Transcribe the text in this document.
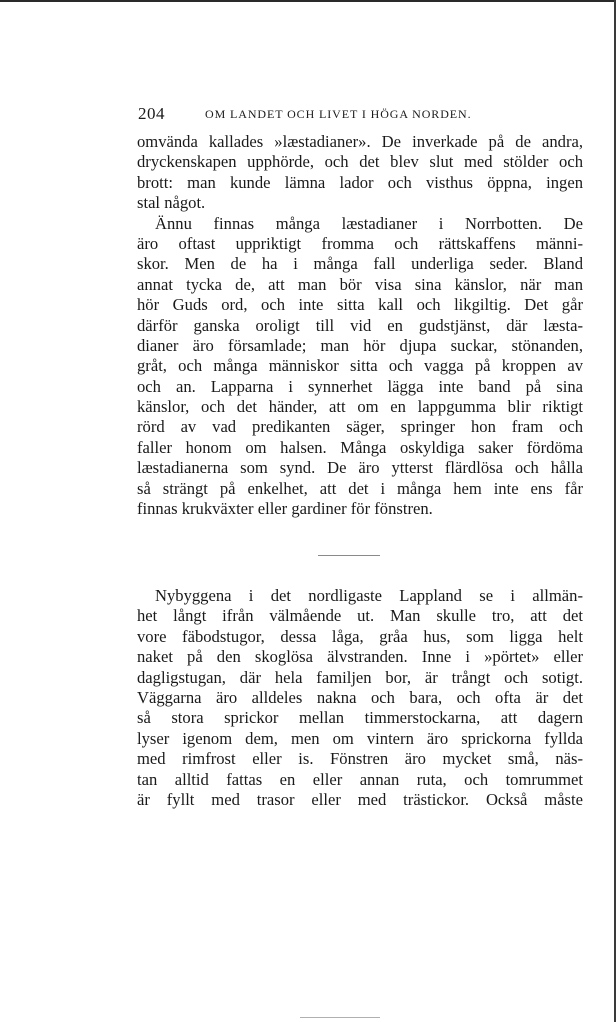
204	OM LANDET OCH LIVET I HÖGA NORDEN.
omvända kallades »læstadianer». De inverkade på de andra,
dryckenskapen upphörde, och det blev slut med stölder och
brott: man kunde lämna lador och visthus öppna, ingen
stal något.
Ännu finnas många læstadianer i Norrbotten. De
äro oftast uppriktigt fromma och rättskaffens männi-
skor. Men de ha i många fall underliga seder. Bland
annat tycka de, att man bör visa sina känslor, när man
hör Guds ord, och inte sitta kall och likgiltig. Det går
därför ganska oroligt till vid en gudstjänst, där læsta-
dianer äro församlade; man hör djupa suckar, stönanden,
gråt, och många människor sitta och vagga på kroppen av
och an. Lapparna i synnerhet lägga inte band på sina
känslor, och det händer, att om en lappgumma blir riktigt
rörd av vad predikanten säger, springer hon fram och
faller honom om halsen. Många oskyldiga saker fördöma
læstadianerna som synd. De äro ytterst flärdlösa och hålla
så strängt på enkelhet, att det i många hem inte ens får
finnas krukväxter eller gardiner för fönstren.
Nybyggena i det nordligaste Lappland se i allmän-
het långt ifrån välmående ut. Man skulle tro, att det
vore fäbodstugor, dessa låga, gråa hus, som ligga helt
naket på den skoglösa älvstranden. Inne i »pörtet» eller
dagligstugan, där hela familjen bor, är trångt och sotigt.
Väggarna äro alldeles nakna och bara, och ofta är det
så stora sprickor mellan timmerstockarna, att dagern
lyser igenom dem, men om vintern äro sprickorna fyllda
med rimfrost eller is. Fönstren äro mycket små, näs-
tan alltid fattas en eller annan ruta, och tomrummet
är fyllt med trasor eller med trästickor. Också måste
